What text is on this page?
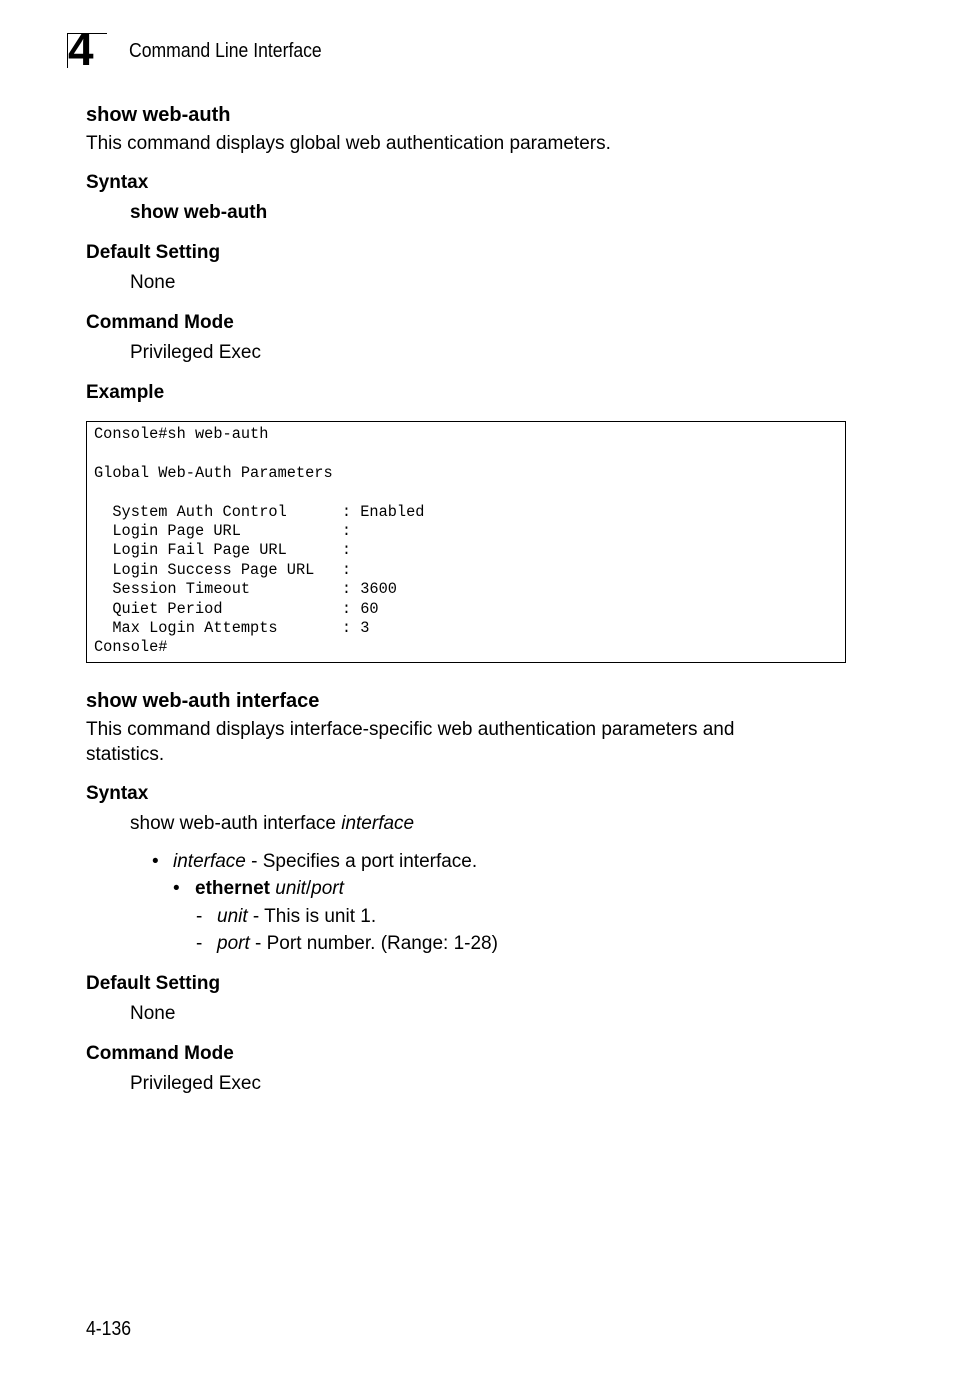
4 Command Line Interface
show web-auth
This command displays global web authentication parameters.
Syntax
show web-auth
Default Setting
None
Command Mode
Privileged Exec
Example
Console#sh web-auth

Global Web-Auth Parameters

System Auth Control      : Enabled
Login Page URL           :
Login Fail Page URL      :
Login Success Page URL   :
Session Timeout          : 3600
Quiet Period             : 60
Max Login Attempts       : 3
Console#
show web-auth interface
This command displays interface-specific web authentication parameters and statistics.
Syntax
show web-auth interface interface
• interface - Specifies a port interface.
• ethernet unit/port
- unit - This is unit 1.
- port - Port number. (Range: 1-28)
Default Setting
None
Command Mode
Privileged Exec
4-136
